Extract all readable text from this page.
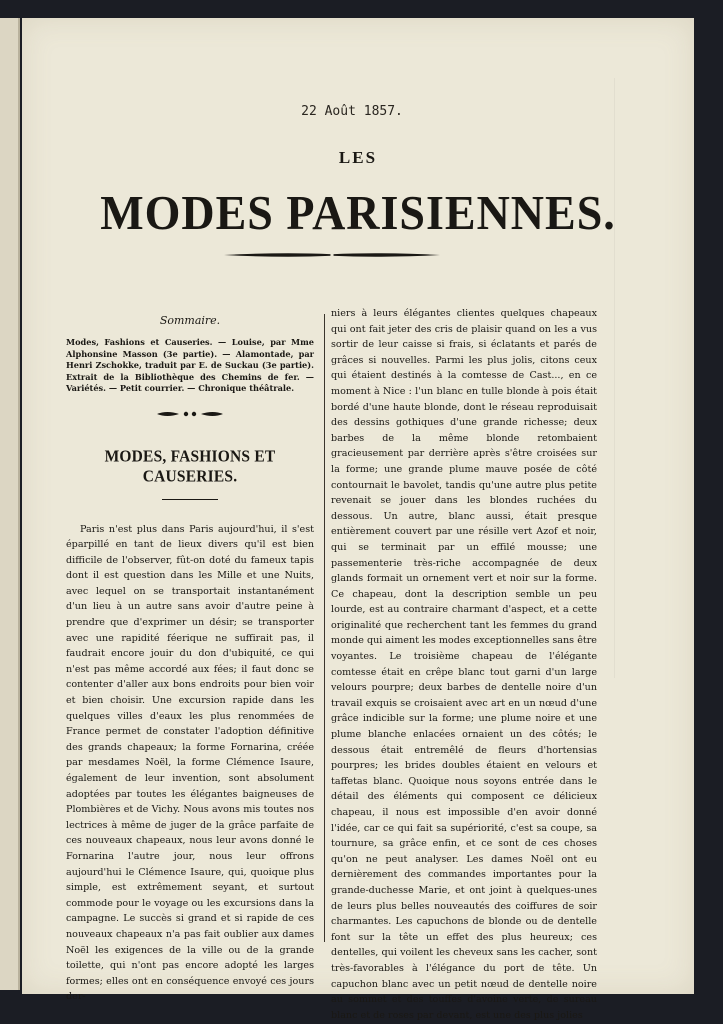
22 Août 1857.
LES
MODES PARISIENNES.
Sommaire.

Modes, Fashions et Causeries. — Louise, par Mme Alphonsine Masson (3e partie). — Alamontade, par Henri Zschokke, traduit par E. de Suckau (3e partie). Extrait de la Bibliothèque des Chemins de fer. — Variétés. — Petit courrier. — Chronique théâtrale.

MODES, FASHIONS ET CAUSERIES.

Paris n'est plus dans Paris aujourd'hui, il s'est éparpillé en tant de lieux divers qu'il est bien difficile de l'observer, fût-on doté du fameux tapis dont il est question dans les Mille et une Nuits, avec lequel on se transportait instantanément d'un lieu à un autre sans avoir d'autre peine à prendre que d'exprimer un désir; se transporter avec une rapidité féerique ne suffirait pas, il faudrait encore jouir du don d'ubiquité, ce qui n'est pas même accordé aux fées; il faut donc se contenter d'aller aux bons endroits pour bien voir et bien choisir. Une excursion rapide dans les quelques villes d'eaux les plus renommées de France permet de constater l'adoption définitive des grands chapeaux; la forme Fornarina, créée par mesdames Noël, la forme Clémence Isaure, également de leur invention, sont absolument adoptées par toutes les élégantes baigneuses de Plombières et de Vichy. Nous avons mis toutes nos lectrices à même de juger de la grâce parfaite de ces nouveaux chapeaux, nous leur avons donné le Fornarina l'autre jour, nous leur offrons aujourd'hui le Clémence Isaure, qui, quoique plus simple, est extrêmement seyant, et surtout commode pour le voyage ou les excursions dans la campagne. Le succès si grand et si rapide de ces nouveaux chapeaux n'a pas fait oublier aux dames Noël les exigences de la ville ou de la grande toilette, qui n'ont pas encore adopté les larges formes; elles ont en conséquence envoyé ces jours der-

niers à leurs élégantes clientes quelques chapeaux qui ont fait jeter des cris de plaisir quand on les a vus sortir de leur caisse si frais, si éclatants et parés de grâces si nouvelles. Parmi les plus jolis, citons ceux qui étaient destinés à la comtesse de Cast..., en ce moment à Nice : l'un blanc en tulle blonde à pois était bordé d'une haute blonde, dont le réseau reproduisait des dessins gothiques d'une grande richesse; deux barbes de la même blonde retombaient gracieusement par derrière après s'être croisées sur la forme; une grande plume mauve posée de côté contournait le bavolet, tandis qu'une autre plus petite revenait se jouer dans les blondes ruchées du dessous. Un autre, blanc aussi, était presque entièrement couvert par une résille vert Azof et noir, qui se terminait par un effilé mousse; une passementerie très-riche accompagnée de deux glands formait un ornement vert et noir sur la forme. Ce chapeau, dont la description semble un peu lourde, est au contraire charmant d'aspect, et a cette originalité que recherchent tant les femmes du grand monde qui aiment les modes exceptionnelles sans être voyantes. Le troisième chapeau de l'élégante comtesse était en crêpe blanc tout garni d'un large velours pourpre; deux barbes de dentelle noire d'un travail exquis se croisaient avec art en un nœud d'une grâce indicible sur la forme; une plume noire et une plume blanche enlacées ornaient un des côtés; le dessous était entremêlé de fleurs d'hortensias pourpres; les brides doubles étaient en velours et taffetas blanc. Quoique nous soyons entrée dans le détail des éléments qui composent ce délicieux chapeau, il nous est impossible d'en avoir donné l'idée, car ce qui fait sa supériorité, c'est sa coupe, sa tournure, sa grâce enfin, et ce sont de ces choses qu'on ne peut analyser. Les dames Noël ont eu dernièrement des commandes importantes pour la grande-duchesse Marie, et ont joint à quelques-unes de leurs plus belles nouveautés des coiffures de soir charmantes. Les capuchons de blonde ou de dentelle font sur la tête un effet des plus heureux; ces dentelles, qui voilent les cheveux sans les cacher, sont très-favorables à l'élégance du port de tête. Un capuchon blanc avec un petit nœud de dentelle noire au sommet et des touffes d'avoine verte, de sureau blanc et de roses par devant, est une des plus jolies
